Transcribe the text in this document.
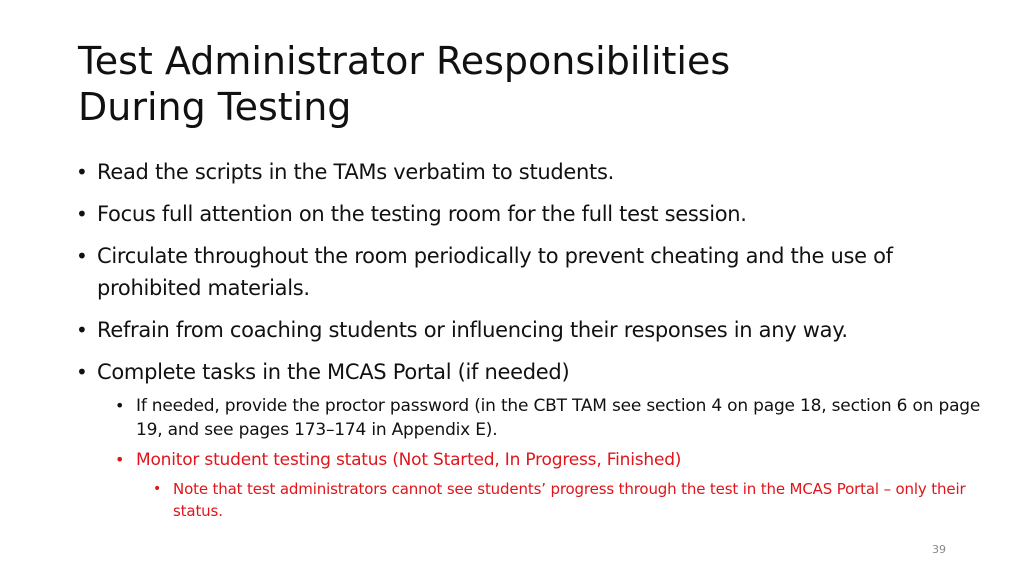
Test Administrator Responsibilities
During Testing

• Read the scripts in the TAMs verbatim to students.

• Focus full attention on the testing room for the full test session.

• Circulate throughout the room periodically to prevent cheating and the use of prohibited materials.

• Refrain from coaching students or influencing their responses in any way.

• Complete tasks in the MCAS Portal (if needed)

• If needed, provide the proctor password (in the CBT TAM see section 4 on page 18, section 6 on page 19, and see pages 173–174 in Appendix E).

• Monitor student testing status (Not Started, In Progress, Finished)

• Note that test administrators cannot see students’ progress through the test in the MCAS Portal – only their status.

39
